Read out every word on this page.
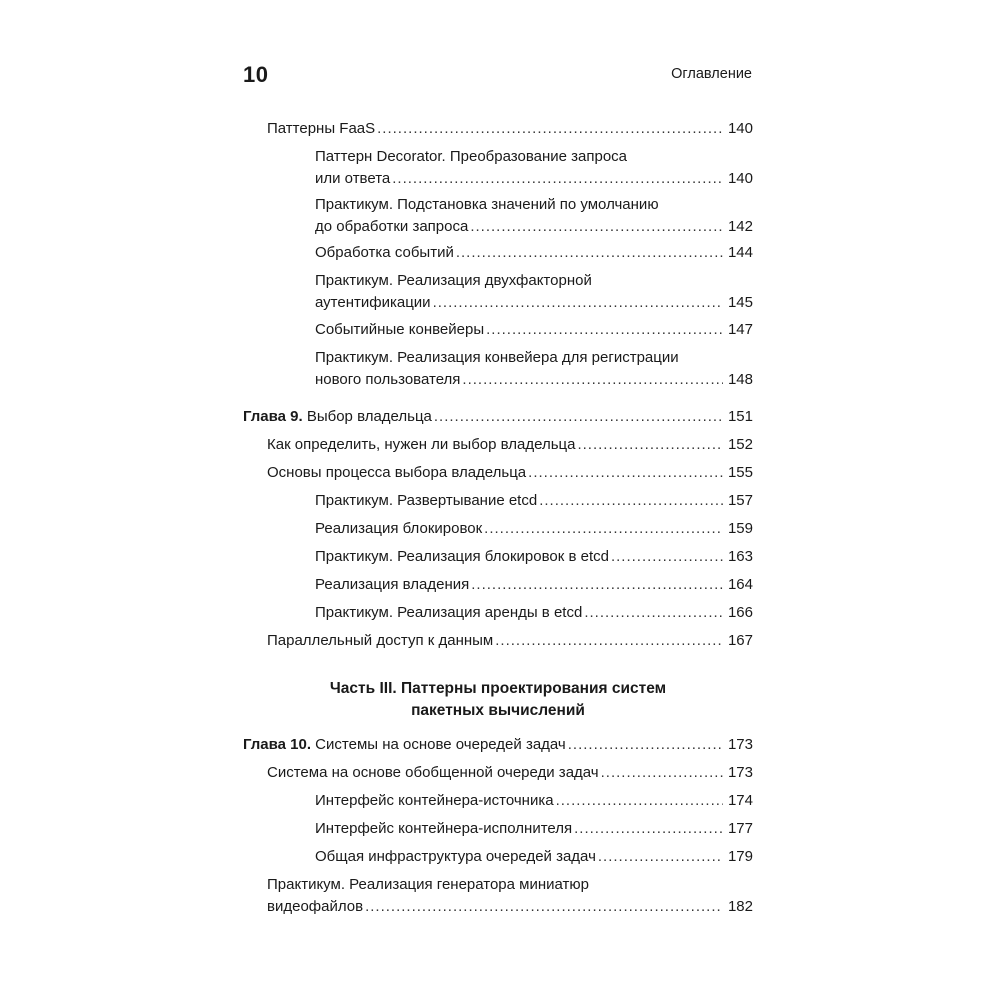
10	Оглавление
Паттерны FaaS .....	140
Паттерн Decorator. Преобразование запроса
или ответа .....	140
Практикум. Подстановка значений по умолчанию
до обработки запроса .....	142
Обработка событий .....	144
Практикум. Реализация двухфакторной
аутентификации .....	145
Событийные конвейеры .....	147
Практикум. Реализация конвейера для регистрации
нового пользователя .....	148
Глава 9. Выбор владельца .....	151
Как определить, нужен ли выбор владельца .....	152
Основы процесса выбора владельца .....	155
Практикум. Развертывание etcd .....	157
Реализация блокировок .....	159
Практикум. Реализация блокировок в etcd .....	163
Реализация владения .....	164
Практикум. Реализация аренды в etcd .....	166
Параллельный доступ к данным .....	167
Глава 10. Системы на основе очередей задач .....	173
Система на основе обобщенной очереди задач .....	173
Интерфейс контейнера-источника .....	174
Интерфейс контейнера-исполнителя .....	177
Общая инфраструктура очередей задач .....	179
Практикум. Реализация генератора миниатюр
видеофайлов .....	182
Часть III. Паттерны проектирования систем
пакетных вычислений
